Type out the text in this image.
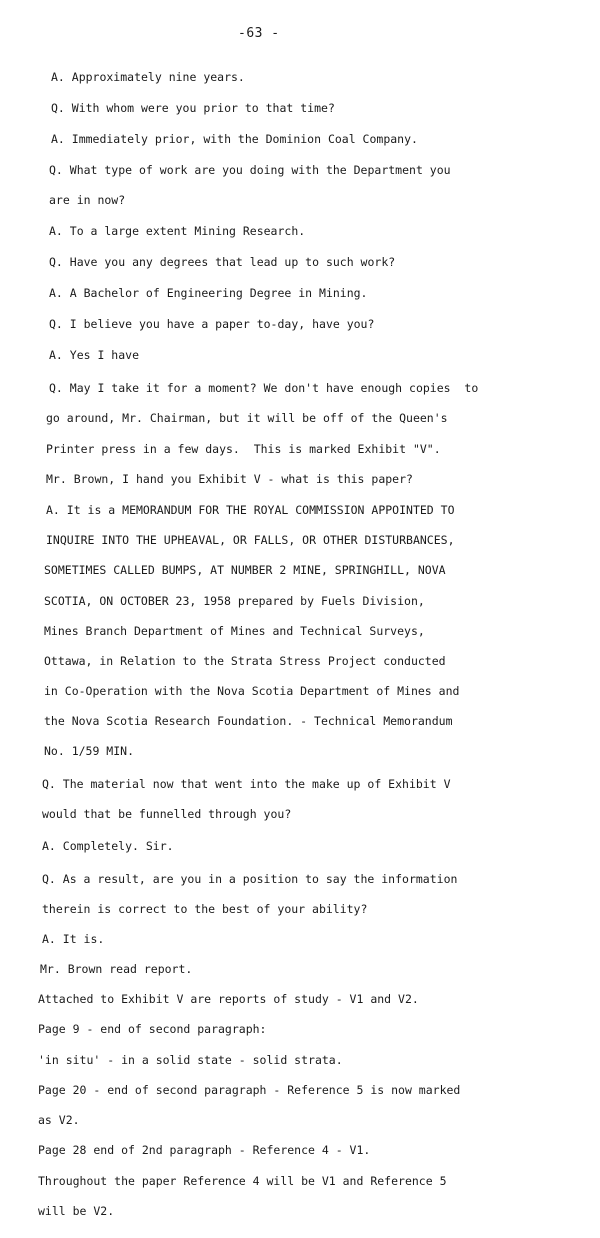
-63 -
A. Approximately nine years.
Q. With whom were you prior to that time?
A. Immediately prior, with the Dominion Coal Company.
Q. What type of work are you doing with the Department you
are in now?
A. To a large extent Mining Research.
Q. Have you any degrees that lead up to such work?
A. A Bachelor of Engineering Degree in Mining.
Q. I believe you have a paper to-day, have you?
A. Yes I have
Q. May I take it for a moment? We don't have enough copies  to
go around, Mr. Chairman, but it will be off of the Queen's
Printer press in a few days.  This is marked Exhibit "V".
Mr. Brown, I hand you Exhibit V - what is this paper?
A. It is a MEMORANDUM FOR THE ROYAL COMMISSION APPOINTED TO
INQUIRE INTO THE UPHEAVAL, OR FALLS, OR OTHER DISTURBANCES,
SOMETIMES CALLED BUMPS, AT NUMBER 2 MINE, SPRINGHILL, NOVA
SCOTIA, ON OCTOBER 23, 1958 prepared by Fuels Division,
Mines Branch Department of Mines and Technical Surveys,
Ottawa, in Relation to the Strata Stress Project conducted
in Co-Operation with the Nova Scotia Department of Mines and
the Nova Scotia Research Foundation. - Technical Memorandum
No. 1/59 MIN.
Q. The material now that went into the make up of Exhibit V
would that be funnelled through you?
A. Completely. Sir.
Q. As a result, are you in a position to say the information
therein is correct to the best of your ability?
A. It is.
Mr. Brown read report.
Attached to Exhibit V are reports of study - V1 and V2.
Page 9 - end of second paragraph:
'in situ' - in a solid state - solid strata.
Page 20 - end of second paragraph - Reference 5 is now marked
as V2.
Page 28 end of 2nd paragraph - Reference 4 - V1.
Throughout the paper Reference 4 will be V1 and Reference 5
will be V2.
